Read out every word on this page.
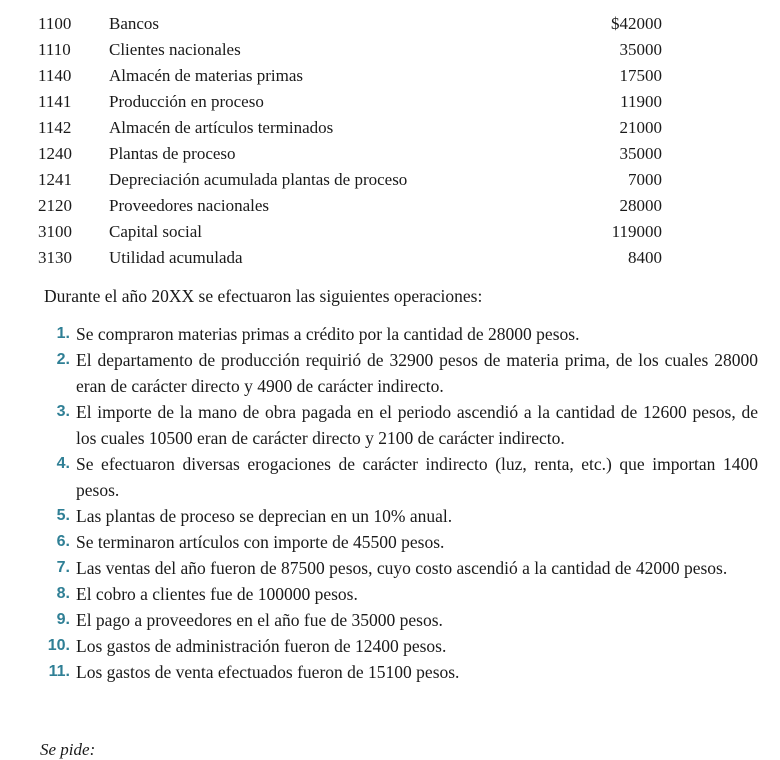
1100 Bancos	$42000
1110 Clientes nacionales	35000
1140 Almacén de materias primas	17500
1141 Producción en proceso	11900
1142 Almacén de artículos terminados	21000
1240 Plantas de proceso	35000
1241 Depreciación acumulada plantas de proceso	7000
2120 Proveedores nacionales	28000
3100 Capital social	119000
3130 Utilidad acumulada	8400
Durante el año 20XX se efectuaron las siguientes operaciones:
1. Se compraron materias primas a crédito por la cantidad de 28000 pesos.
2. El departamento de producción requirió de 32900 pesos de materia prima, de los cuales 28000 eran de carácter directo y 4900 de carácter indirecto.
3. El importe de la mano de obra pagada en el periodo ascendió a la cantidad de 12600 pesos, de los cuales 10500 eran de carácter directo y 2100 de carácter indirecto.
4. Se efectuaron diversas erogaciones de carácter indirecto (luz, renta, etc.) que importan 1400 pesos.
5. Las plantas de proceso se deprecian en un 10% anual.
6. Se terminaron artículos con importe de 45500 pesos.
7. Las ventas del año fueron de 87500 pesos, cuyo costo ascendió a la cantidad de 42000 pesos.
8. El cobro a clientes fue de 100000 pesos.
9. El pago a proveedores en el año fue de 35000 pesos.
10. Los gastos de administración fueron de 12400 pesos.
11. Los gastos de venta efectuados fueron de 15100 pesos.
Se pide:
